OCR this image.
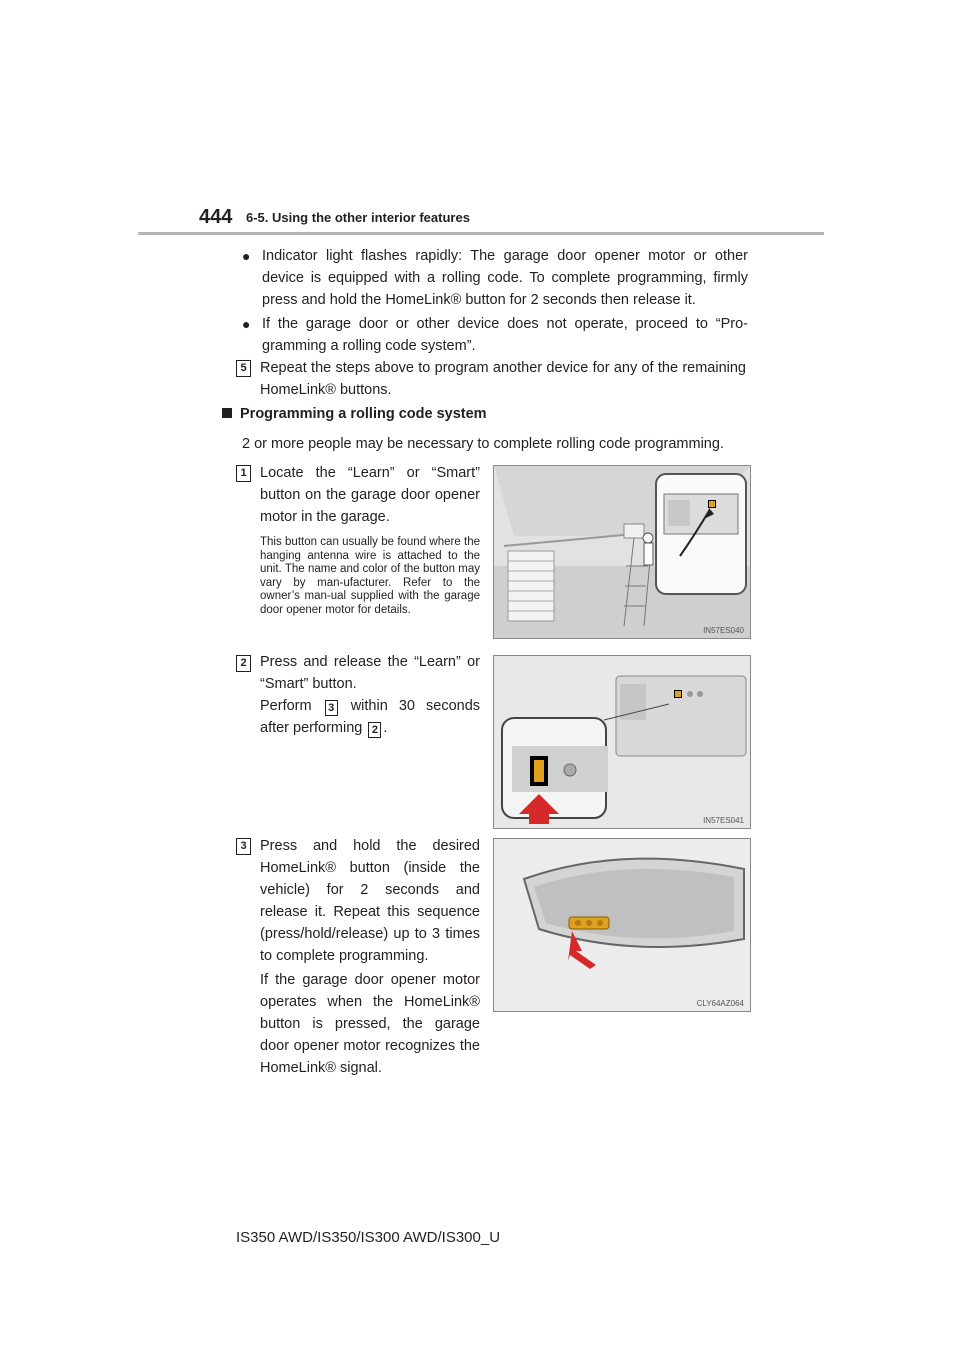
444 6-5. Using the other interior features
● Indicator light flashes rapidly: The garage door opener motor or other device is equipped with a rolling code. To complete programming, firmly press and hold the HomeLink® button for 2 seconds then release it.
● If the garage door or other device does not operate, proceed to “Pro-gramming a rolling code system”.
5 Repeat the steps above to program another device for any of the remaining HomeLink® buttons.
Programming a rolling code system
2 or more people may be necessary to complete rolling code programming.
1 Locate the “Learn” or “Smart” button on the garage door opener motor in the garage.
This button can usually be found where the hanging antenna wire is attached to the unit. The name and color of the button may vary by man-ufacturer. Refer to the owner’s man-ual supplied with the garage door opener motor for details.
IN57ES040
2 Press and release the “Learn” or “Smart” button.
Perform 3 within 30 seconds after performing 2 .
IN57ES041
3 Press and hold the desired HomeLink® button (inside the vehicle) for 2 seconds and release it. Repeat this sequence (press/hold/release) up to 3 times to complete programming.
If the garage door opener motor operates when the HomeLink® button is pressed, the garage door opener motor recognizes the HomeLink® signal.
CLY64AZ064
IS350 AWD/IS350/IS300 AWD/IS300_U
